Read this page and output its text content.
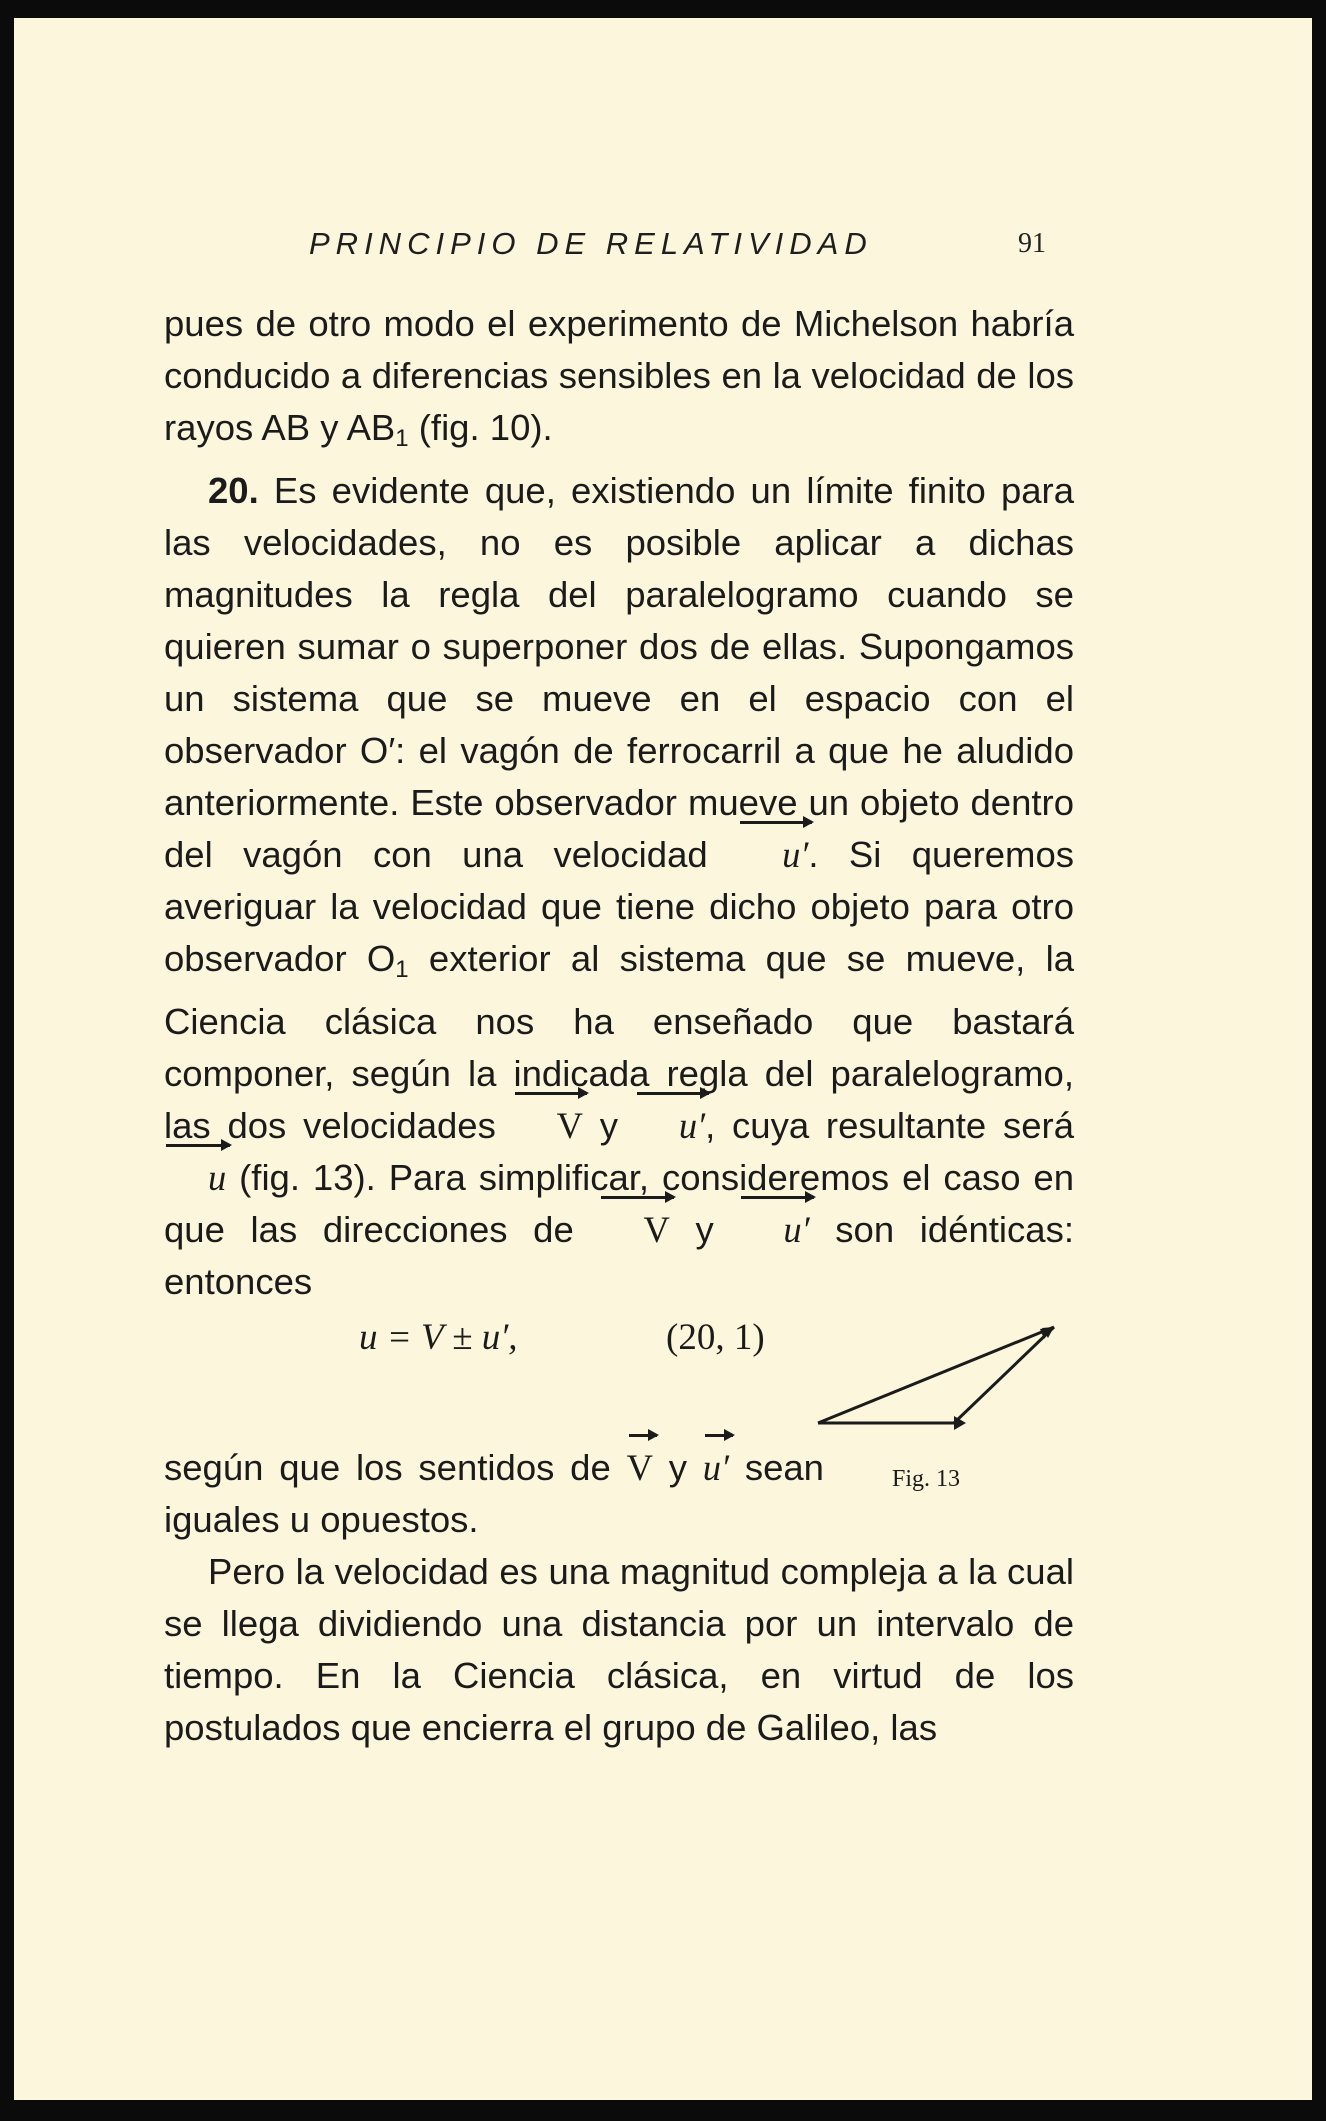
PRINCIPIO DE RELATIVIDAD	91

pues de otro modo el experimento de Michelson habría conducido a diferencias sensibles en la velocidad de los rayos AB y $AB_1$ (fig. 10).

20. Es evidente que, existiendo un límite finito para las velocidades, no es posible aplicar a dichas magnitudes la regla del paralelogramo cuando se quieren sumar o superponer dos de ellas. Supongamos un sistema que se mueve en el espacio con el observador O′: el vagón de ferrocarril a que he aludido anteriormente. Este observador mueve un objeto dentro del vagón con una velocidad u′. Si queremos averiguar la velocidad que tiene dicho objeto para otro observador $O_1$ exterior al sistema que se mueve, la Ciencia clásica nos ha enseñado que bastará componer, según la indicada regla del paralelogramo, las dos velocidades V y u′, cuya resultante será u (fig. 13). Para simplificar, consideremos el caso en que las direcciones de V y u′ son idénticas: entonces

u = V ± u′,	(20, 1)

según que los sentidos de V y u′ sean iguales u opuestos.

Fig. 13

Pero la velocidad es una magnitud compleja a la cual se llega dividiendo una distancia por un intervalo de tiempo. En la Ciencia clásica, en virtud de los postulados que encierra el grupo de Galileo, las
